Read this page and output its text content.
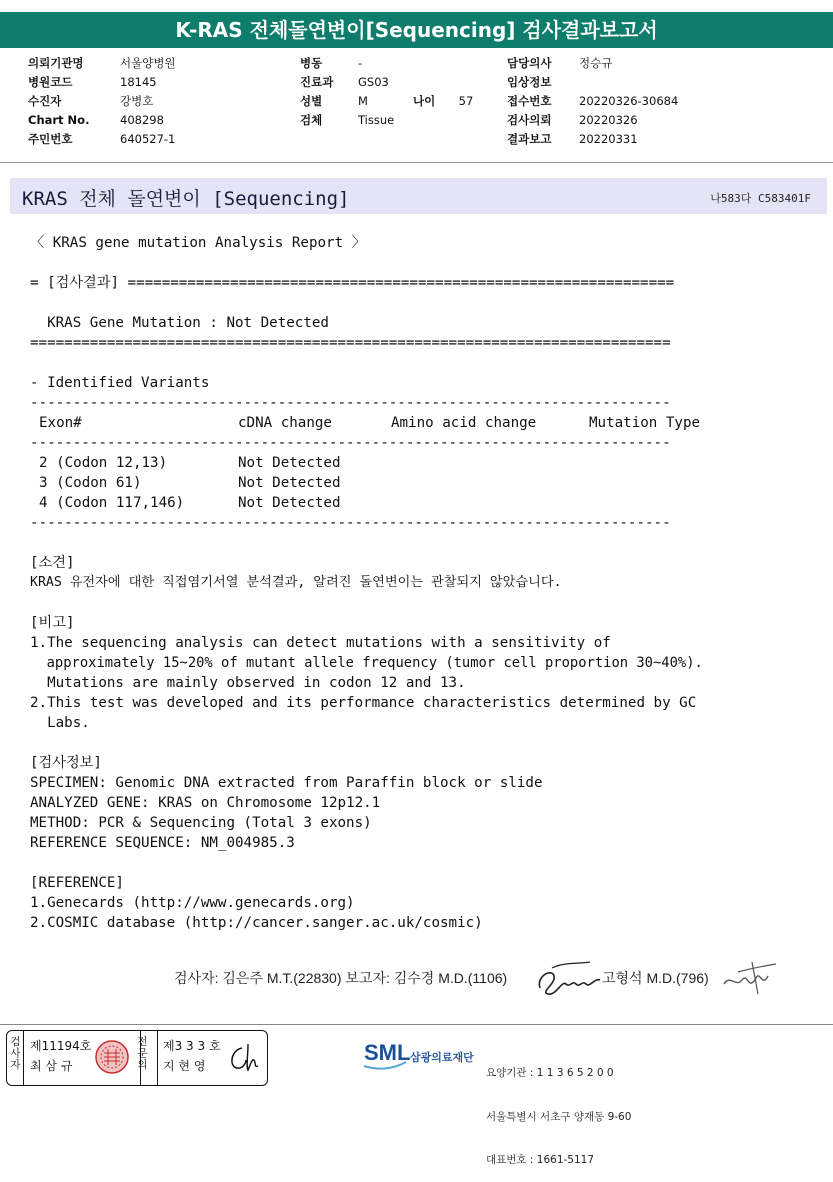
K-RAS 전체돌연변이[Sequencing] 검사결과보고서
의뢰기관명	서울양병원
병원코드	18145
수진자	강병호
Chart No.	408298
주민번호	640527-1
병동	-
진료과 GS03
성별	M
검체	Tissue
나이 57
담당의사 정승규
임상정보
접수번호 20220326-30684
검사의뢰 20220326
결과보고 20220331
KRAS 전체 돌연변이 [Sequencing]	나583다 C583401F
〈 KRAS gene mutation Analysis Report 〉
= [검사결과] ================================================================
KRAS Gene Mutation : Not Detected
===========================================================================
- Identified Variants
---------------------------------------------------------------------------
Exon#	cDNA change	Amino acid change	Mutation Type
---------------------------------------------------------------------------
2 (Codon 12,13)	Not Detected
3 (Codon 61)	Not Detected
4 (Codon 117,146)	Not Detected
---------------------------------------------------------------------------
[소견]
KRAS 유전자에 대한 직접염기서열 분석결과, 알려진 돌연변이는 관찰되지 않았습니다.
[비고]
1.The sequencing analysis can detect mutations with a sensitivity of
approximately 15~20% of mutant allele frequency (tumor cell proportion 30~40%).
Mutations are mainly observed in codon 12 and 13.
2.This test was developed and its performance characteristics determined by GC
Labs.
[검사정보]
SPECIMEN: Genomic DNA extracted from Paraffin block or slide
ANALYZED GENE: KRAS on Chromosome 12p12.1
METHOD: PCR & Sequencing (Total 3 exons)
REFERENCE SEQUENCE: NM_004985.3
[REFERENCE]
1.Genecards (http://www.genecards.org)
2.COSMIC database (http://cancer.sanger.ac.uk/cosmic)
검사자: 김은주 M.T.(22830) 보고자: 김수경 M.D.(1106)	고형석 M.D.(796)
검사자 제11194호
최 삼 규	전문의 제3 3 3 호
지 현 영
SML 삼광의료재단

요양기관 : 1 1 3 6 5 2 0 0

서울특별시 서초구 양재동 9-60

대표번호 : 1661-5117
